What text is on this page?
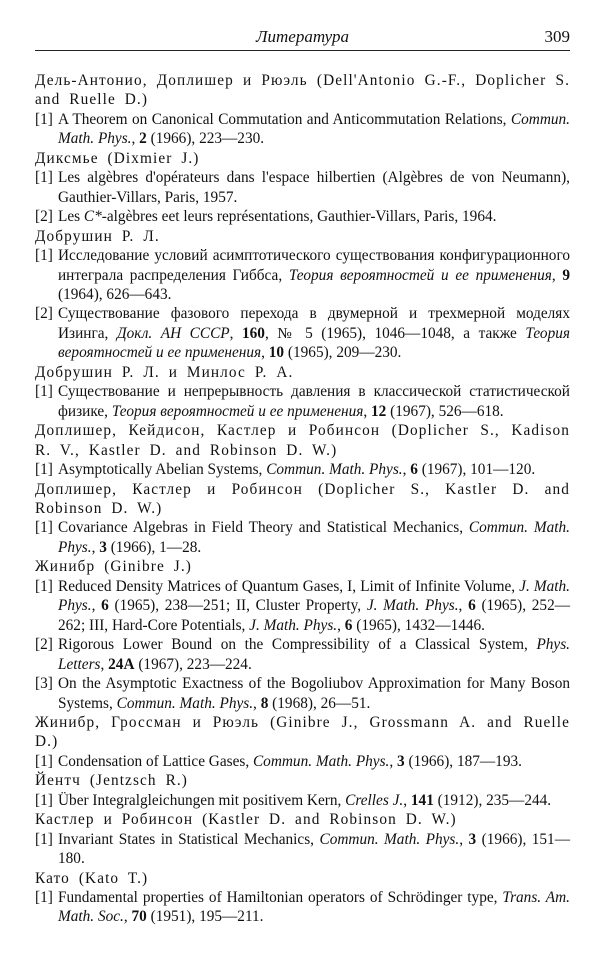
Литература	309
Дель-Антонио, Доплишер и Рюэль (Dell'Antonio G.-F., Doplicher S. and Ruelle D.)
[1] A Theorem on Canonical Commutation and Anticommutation Relations, Commun. Math. Phys., 2 (1966), 223—230.
Диксмье (Dixmier J.)
[1] Les algèbres d'opérateurs dans l'espace hilbertien (Algèbres de von Neumann), Gauthier-Villars, Paris, 1957.
[2] Les C*-algèbres eet leurs représentations, Gauthier-Villars, Paris, 1964.
Добрушин Р. Л.
[1] Исследование условий асимптотического существования конфигурационного интеграла распределения Гиббса, Теория вероятностей и ее применения, 9 (1964), 626—643.
[2] Существование фазового перехода в двумерной и трехмерной моделях Изинга, Докл. АН СССР, 160, № 5 (1965), 1046—1048, а также Теория вероятностей и ее применения, 10 (1965), 209—230.
Добрушин Р. Л. и Минлос Р. А.
[1] Существование и непрерывность давления в классической статистической физике, Теория вероятностей и ее применения, 12 (1967), 526—618.
Доплишер, Кейдисон, Кастлер и Робинсон (Doplicher S., Kadison R. V., Kastler D. and Robinson D. W.)
[1] Asymptotically Abelian Systems, Commun. Math. Phys., 6 (1967), 101—120.
Доплишер, Кастлер и Робинсон (Doplicher S., Kastler D. and Robinson D. W.)
[1] Covariance Algebras in Field Theory and Statistical Mechanics, Commun. Math. Phys., 3 (1966), 1—28.
Жинибр (Ginibre J.)
[1] Reduced Density Matrices of Quantum Gases, I, Limit of Infinite Volume, J. Math. Phys., 6 (1965), 238—251; II, Cluster Property, J. Math. Phys., 6 (1965), 252—262; III, Hard-Core Potentials, J. Math. Phys., 6 (1965), 1432—1446.
[2] Rigorous Lower Bound on the Compressibility of a Classical System, Phys. Letters, 24A (1967), 223—224.
[3] On the Asymptotic Exactness of the Bogoliubov Approximation for Many Boson Systems, Commun. Math. Phys., 8 (1968), 26—51.
Жинибр, Гроссман и Рюэль (Ginibre J., Grossmann A. and Ruelle D.)
[1] Condensation of Lattice Gases, Commun. Math. Phys., 3 (1966), 187—193.
Йентч (Jentzsch R.)
[1] Über Integralgleichungen mit positivem Kern, Crelles J., 141 (1912), 235—244.
Кастлер и Робинсон (Kastler D. and Robinson D. W.)
[1] Invariant States in Statistical Mechanics, Commun. Math. Phys., 3 (1966), 151—180.
Като (Kato T.)
[1] Fundamental properties of Hamiltonian operators of Schrödinger type, Trans. Am. Math. Soc., 70 (1951), 195—211.
